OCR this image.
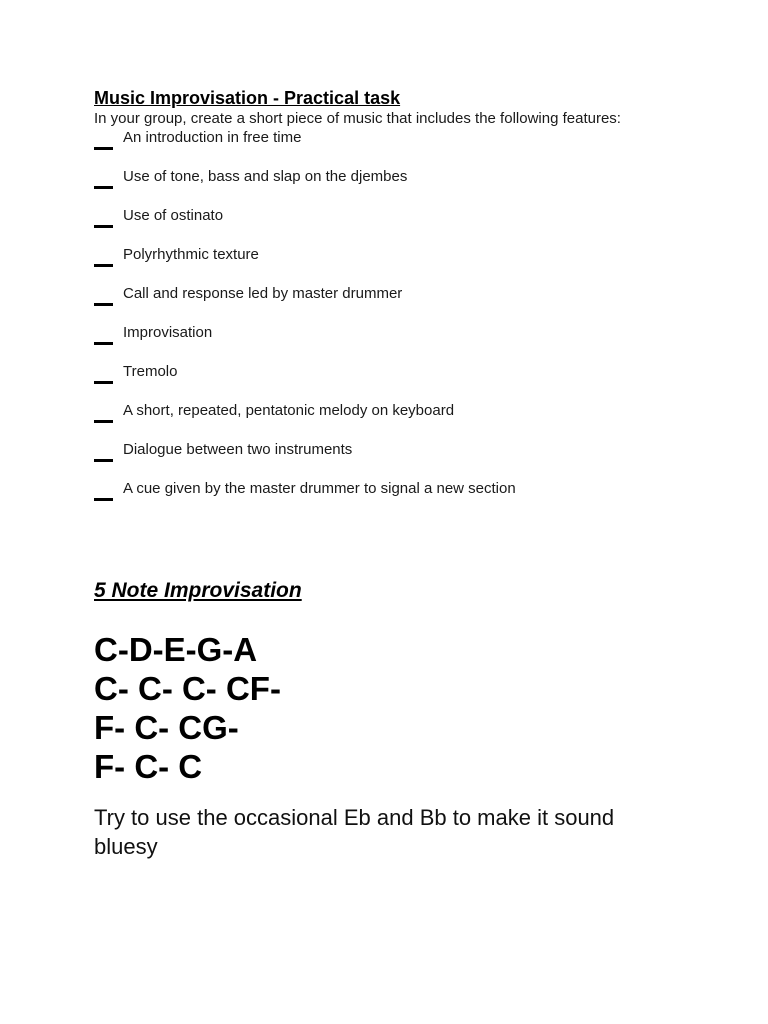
Music Improvisation - Practical task

In your group, create a short piece of music that includes the following features:

An introduction in free time
Use of tone, bass and slap on the djembes
Use of ostinato
Polyrhythmic texture
Call and response led by master drummer
Improvisation
Tremolo
A short, repeated, pentatonic melody on keyboard
Dialogue between two instruments
A cue given by the master drummer to signal a new section
5 Note Improvisation
C-D-E-G-A
C- C- C- CF-
F- C- CG-
F- C- C

Try to use the occasional Eb and Bb to make it sound bluesy
